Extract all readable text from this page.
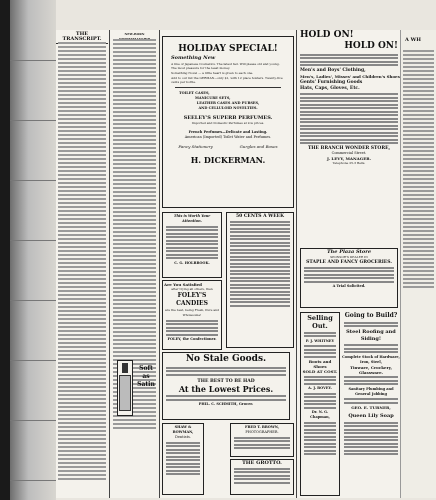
THE TRANSCRIPT.
NEW-BORN
Soft as Satin
HOLIDAY SPECIAL!
Something New
A line of Japanese Cosmetics. The latest fad. Will please old and young. The most pleasure for the least money.
Something Novel — a little heart is given to each one.
Add to our list the GERMAN—only $1, with 12 place holders. Twenty-five cents per bottle.
TOILET CASES,
MANICURE SETS,
LEATHER CASES AND PURSES,
AND CELLULOID NOVELTIES.
SEELEY'S SUPERB PERFUMES.
Imported and Domestic Perfumes at low prices.
French Perfumes—Delicate and Lasting.
American (Imported) Toilet Water and Perfumes.
Fancy Stationery	Gurgles and Boxes
H. DICKERMAN.
This is Worth Your Attention.
C. G. HOLBROOK.
Are You Satisfied
after trying all others, then
FOLEY'S CANDIES
are the best, being Fresh, Pure and Wholesome!
FOLEY, the Confectioner.
No Stale Goods.
THE BEST TO BE HAD
At the Lowest Prices.
PHIL. C. SCHMITH, Grocer.
SHAW & BOWMAN,
Dentists.
50 CENTS A WEEK
FRED T. BROWN,
PHOTOGRAPHER.
THE GROTTO.
HOLD ON!
HOLD ON!
Men's and Boys' Clothing,
Men's, Ladies', Misses' and Children's Shoes
Gents' Furnishing Goods
Hats, Caps, Gloves, Etc.
THE BRANCH WONDER STORE,
Commercial Street.
J. LEVY, MANAGER.
Telephone 25-3 Bells.
The Plaza Store
SPONSOR'S DEALER IN
STAPLE AND FANCY GROCERIES.
A Trial Solicited.
Selling Out.
P. J. WHITNEY
Boots and Shoes
SOLD AT COST.
A. J. BOVEY.
Dr. N. G. Chapman,
Going to Build?
Steel Roofing and Siding!
Complete Stock of Hardware, Iron, Steel,
Tinware, Crockery, Glassware.
Sanitary Plumbing and General Jobbing
GEO. E. TURNER,
Queen Lily Soap
A WH
